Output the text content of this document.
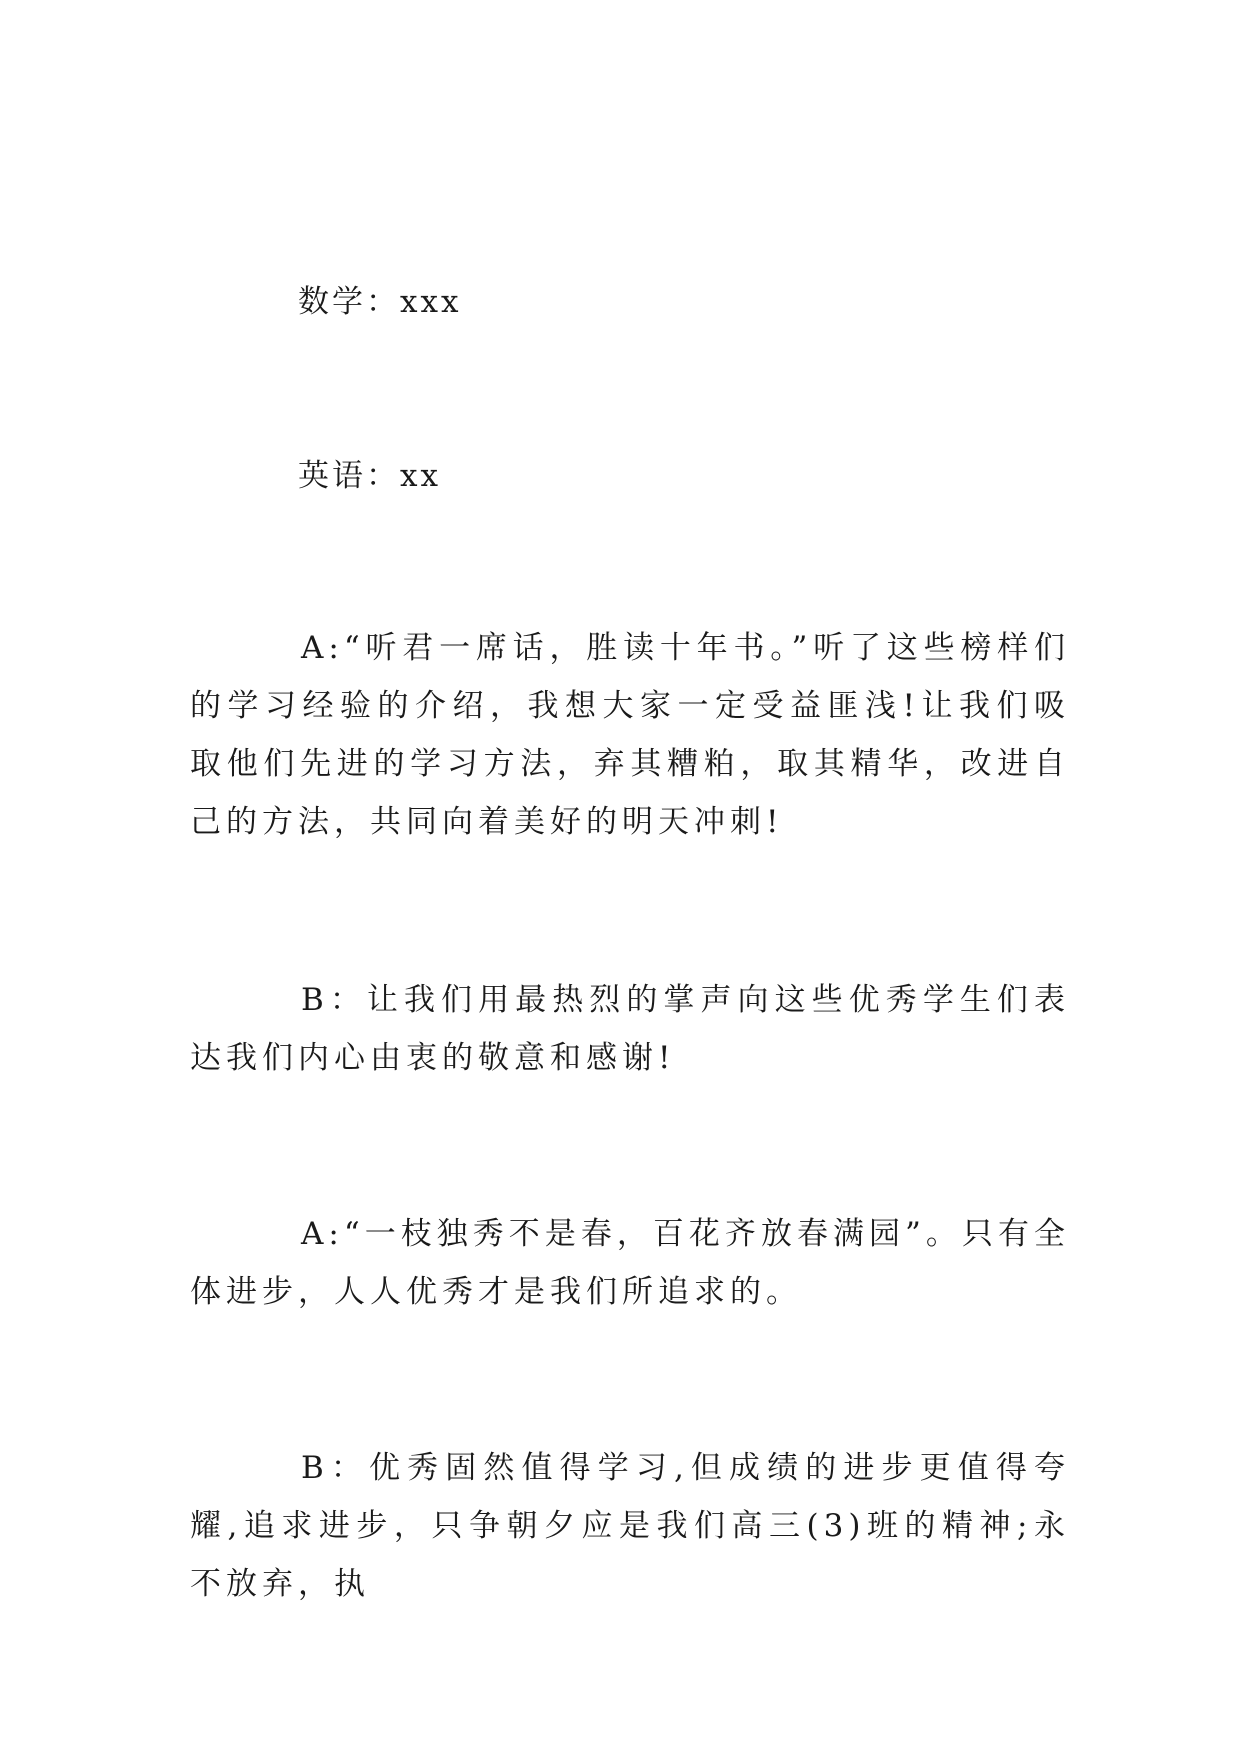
数学：xxx
英语：xx

A:“听君一席话，胜读十年书。”听了这些榜样们的学习经验的介绍，我想大家一定受益匪浅!让我们吸取他们先进的学习方法，弃其糟粕，取其精华，改进自己的方法，共同向着美好的明天冲刺!

B：让我们用最热烈的掌声向这些优秀学生们表达我们内心由衷的敬意和感谢!

A:“一枝独秀不是春，百花齐放春满园”。只有全体进步，人人优秀才是我们所追求的。

B：优秀固然值得学习,但成绩的进步更值得夸耀,追求进步，只争朝夕应是我们高三(3)班的精神;永不放弃，执
